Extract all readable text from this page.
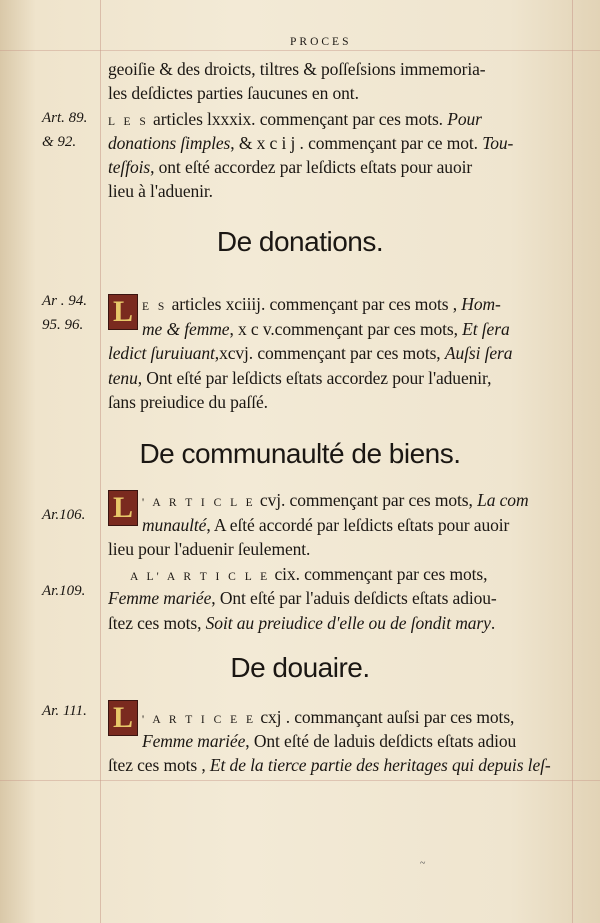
PROCES
geoiſie & des droicts, tiltres & poſſeſsions immemoria-
les deſdictes parties ſaucunes en ont.
Art. 89.
& 92.
L E S articles lxxxix. commençant par ces mots. Pour
donations ſimples, & x c i j . commençant par ce mot. Tou-
teſfois, ont eſté accordez par leſdicts eſtats pour auoir
lieu à l'aduenir.
De donations.
Ar . 94.
95. 96. L E S articles xciiij. commençant par ces mots , Hom-
me & femme, x c v.commençant par ces mots, Et ſera
ledict ſuruiuant,xcvj. commençant par ces mots, Auſsi ſera
tenu, Ont eſté par leſdicts eſtats accordez pour l'aduenir,
ſans preiudice du paſſé.
De communaulté de biens.
Ar.106. L
Ar.109.
' A R T I C L E cvj. commençant par ces mots, La com
munaulté, A eſté accordé par leſdicts eſtats pour auoir
lieu pour l'aduenir ſeulement.
A L' A R T I C L E cix. commençant par ces mots,
Femme mariée, Ont eſté par l'aduis deſdicts eſtats adiou-
ſtez ces mots, Soit au preiudice d'elle ou de ſondit mary.
De douaire.
Ar. 111. L ' A R T I C E E cxj . commançant auſsi par ces mots,
Femme mariée, Ont eſté de laduis deſdicts eſtats adiou
ſtez ces mots , Et de la tierce partie des heritages qui depuis leſ-
~
